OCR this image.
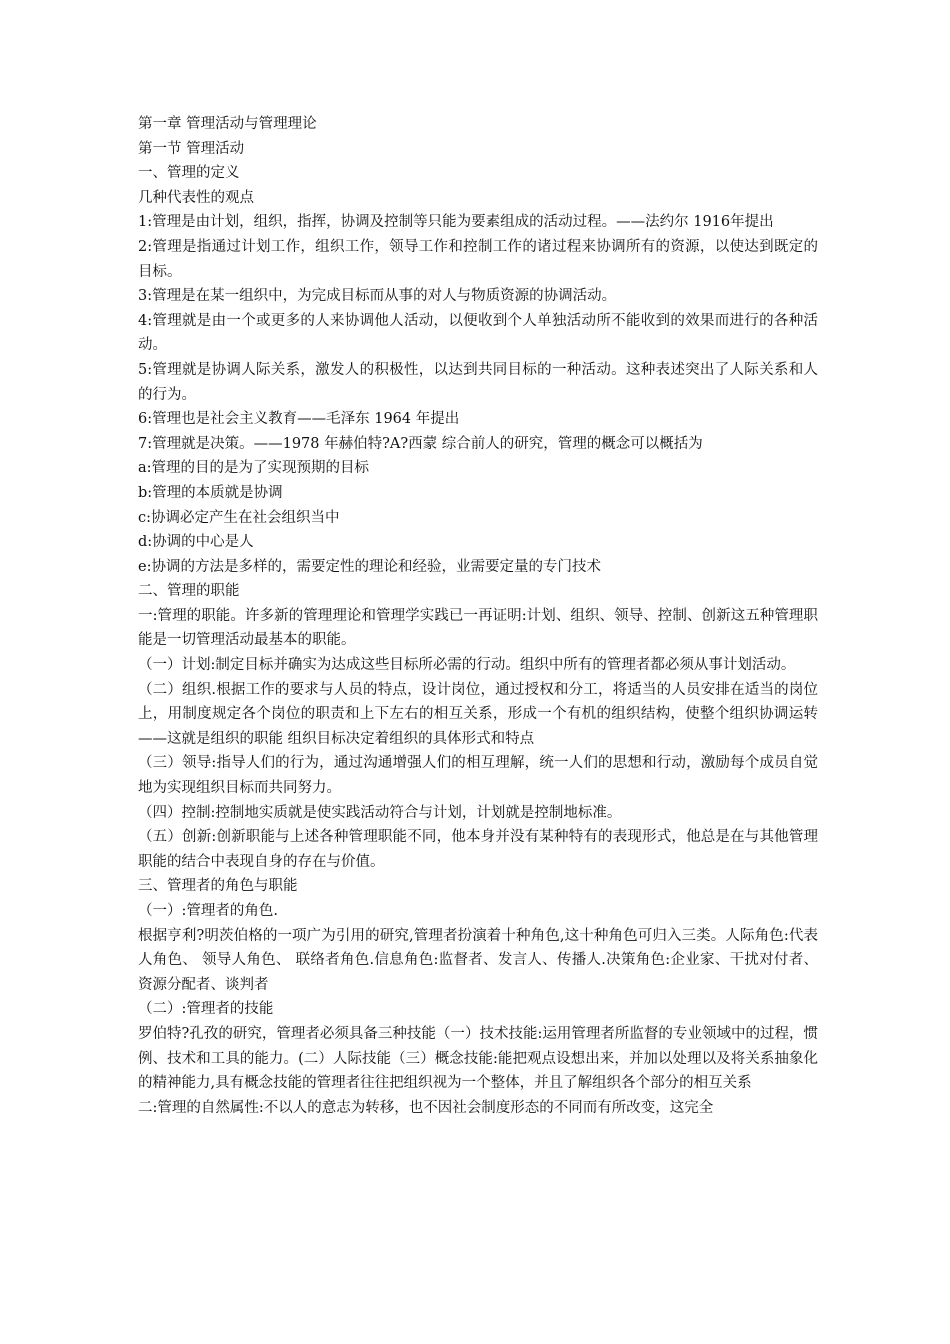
第一章 管理活动与管理理论
第一节 管理活动
一、管理的定义
几种代表性的观点
1:管理是由计划，组织，指挥，协调及控制等只能为要素组成的活动过程。——法约尔 1916年提出
2:管理是指通过计划工作，组织工作，领导工作和控制工作的诸过程来协调所有的资源，以使达到既定的目标。
3:管理是在某一组织中，为完成目标而从事的对人与物质资源的协调活动。
4:管理就是由一个或更多的人来协调他人活动，以便收到个人单独活动所不能收到的效果而进行的各种活动。
5:管理就是协调人际关系，激发人的积极性，以达到共同目标的一种活动。这种表述突出了人际关系和人的行为。
6:管理也是社会主义教育——毛泽东 1964 年提出
7:管理就是决策。——1978 年赫伯特?A?西蒙 综合前人的研究，管理的概念可以概括为
a:管理的目的是为了实现预期的目标
b:管理的本质就是协调
c:协调必定产生在社会组织当中
d:协调的中心是人
e:协调的方法是多样的，需要定性的理论和经验，业需要定量的专门技术
二、管理的职能
一:管理的职能。许多新的管理理论和管理学实践已一再证明:计划、组织、领导、控制、创新这五种管理职能是一切管理活动最基本的职能。
（一）计划:制定目标并确实为达成这些目标所必需的行动。组织中所有的管理者都必须从事计划活动。
（二）组织.根据工作的要求与人员的特点，设计岗位，通过授权和分工，将适当的人员安排在适当的岗位上，用制度规定各个岗位的职责和上下左右的相互关系，形成一个有机的组织结构，使整个组织协调运转——这就是组织的职能 组织目标决定着组织的具体形式和特点
（三）领导:指导人们的行为，通过沟通增强人们的相互理解，统一人们的思想和行动，激励每个成员自觉地为实现组织目标而共同努力。
（四）控制:控制地实质就是使实践活动符合与计划，计划就是控制地标准。
（五）创新:创新职能与上述各种管理职能不同，他本身并没有某种特有的表现形式，他总是在与其他管理职能的结合中表现自身的存在与价值。
三、管理者的角色与职能
（一）:管理者的角色.
根据亨利?明茨伯格的一项广为引用的研究,管理者扮演着十种角色,这十种角色可归入三类。人际角色:代表人角色、 领导人角色、 联络者角色.信息角色:监督者、发言人、传播人.决策角色:企业家、干扰对付者、资源分配者、谈判者
（二）:管理者的技能
罗伯特?孔孜的研究，管理者必须具备三种技能（一）技术技能:运用管理者所监督的专业领域中的过程，惯例、技术和工具的能力。(二）人际技能（三）概念技能:能把观点设想出来，并加以处理以及将关系抽象化的精神能力,具有概念技能的管理者往往把组织视为一个整体，并且了解组织各个部分的相互关系
二:管理的自然属性:不以人的意志为转移，也不因社会制度形态的不同而有所改变，这完全
